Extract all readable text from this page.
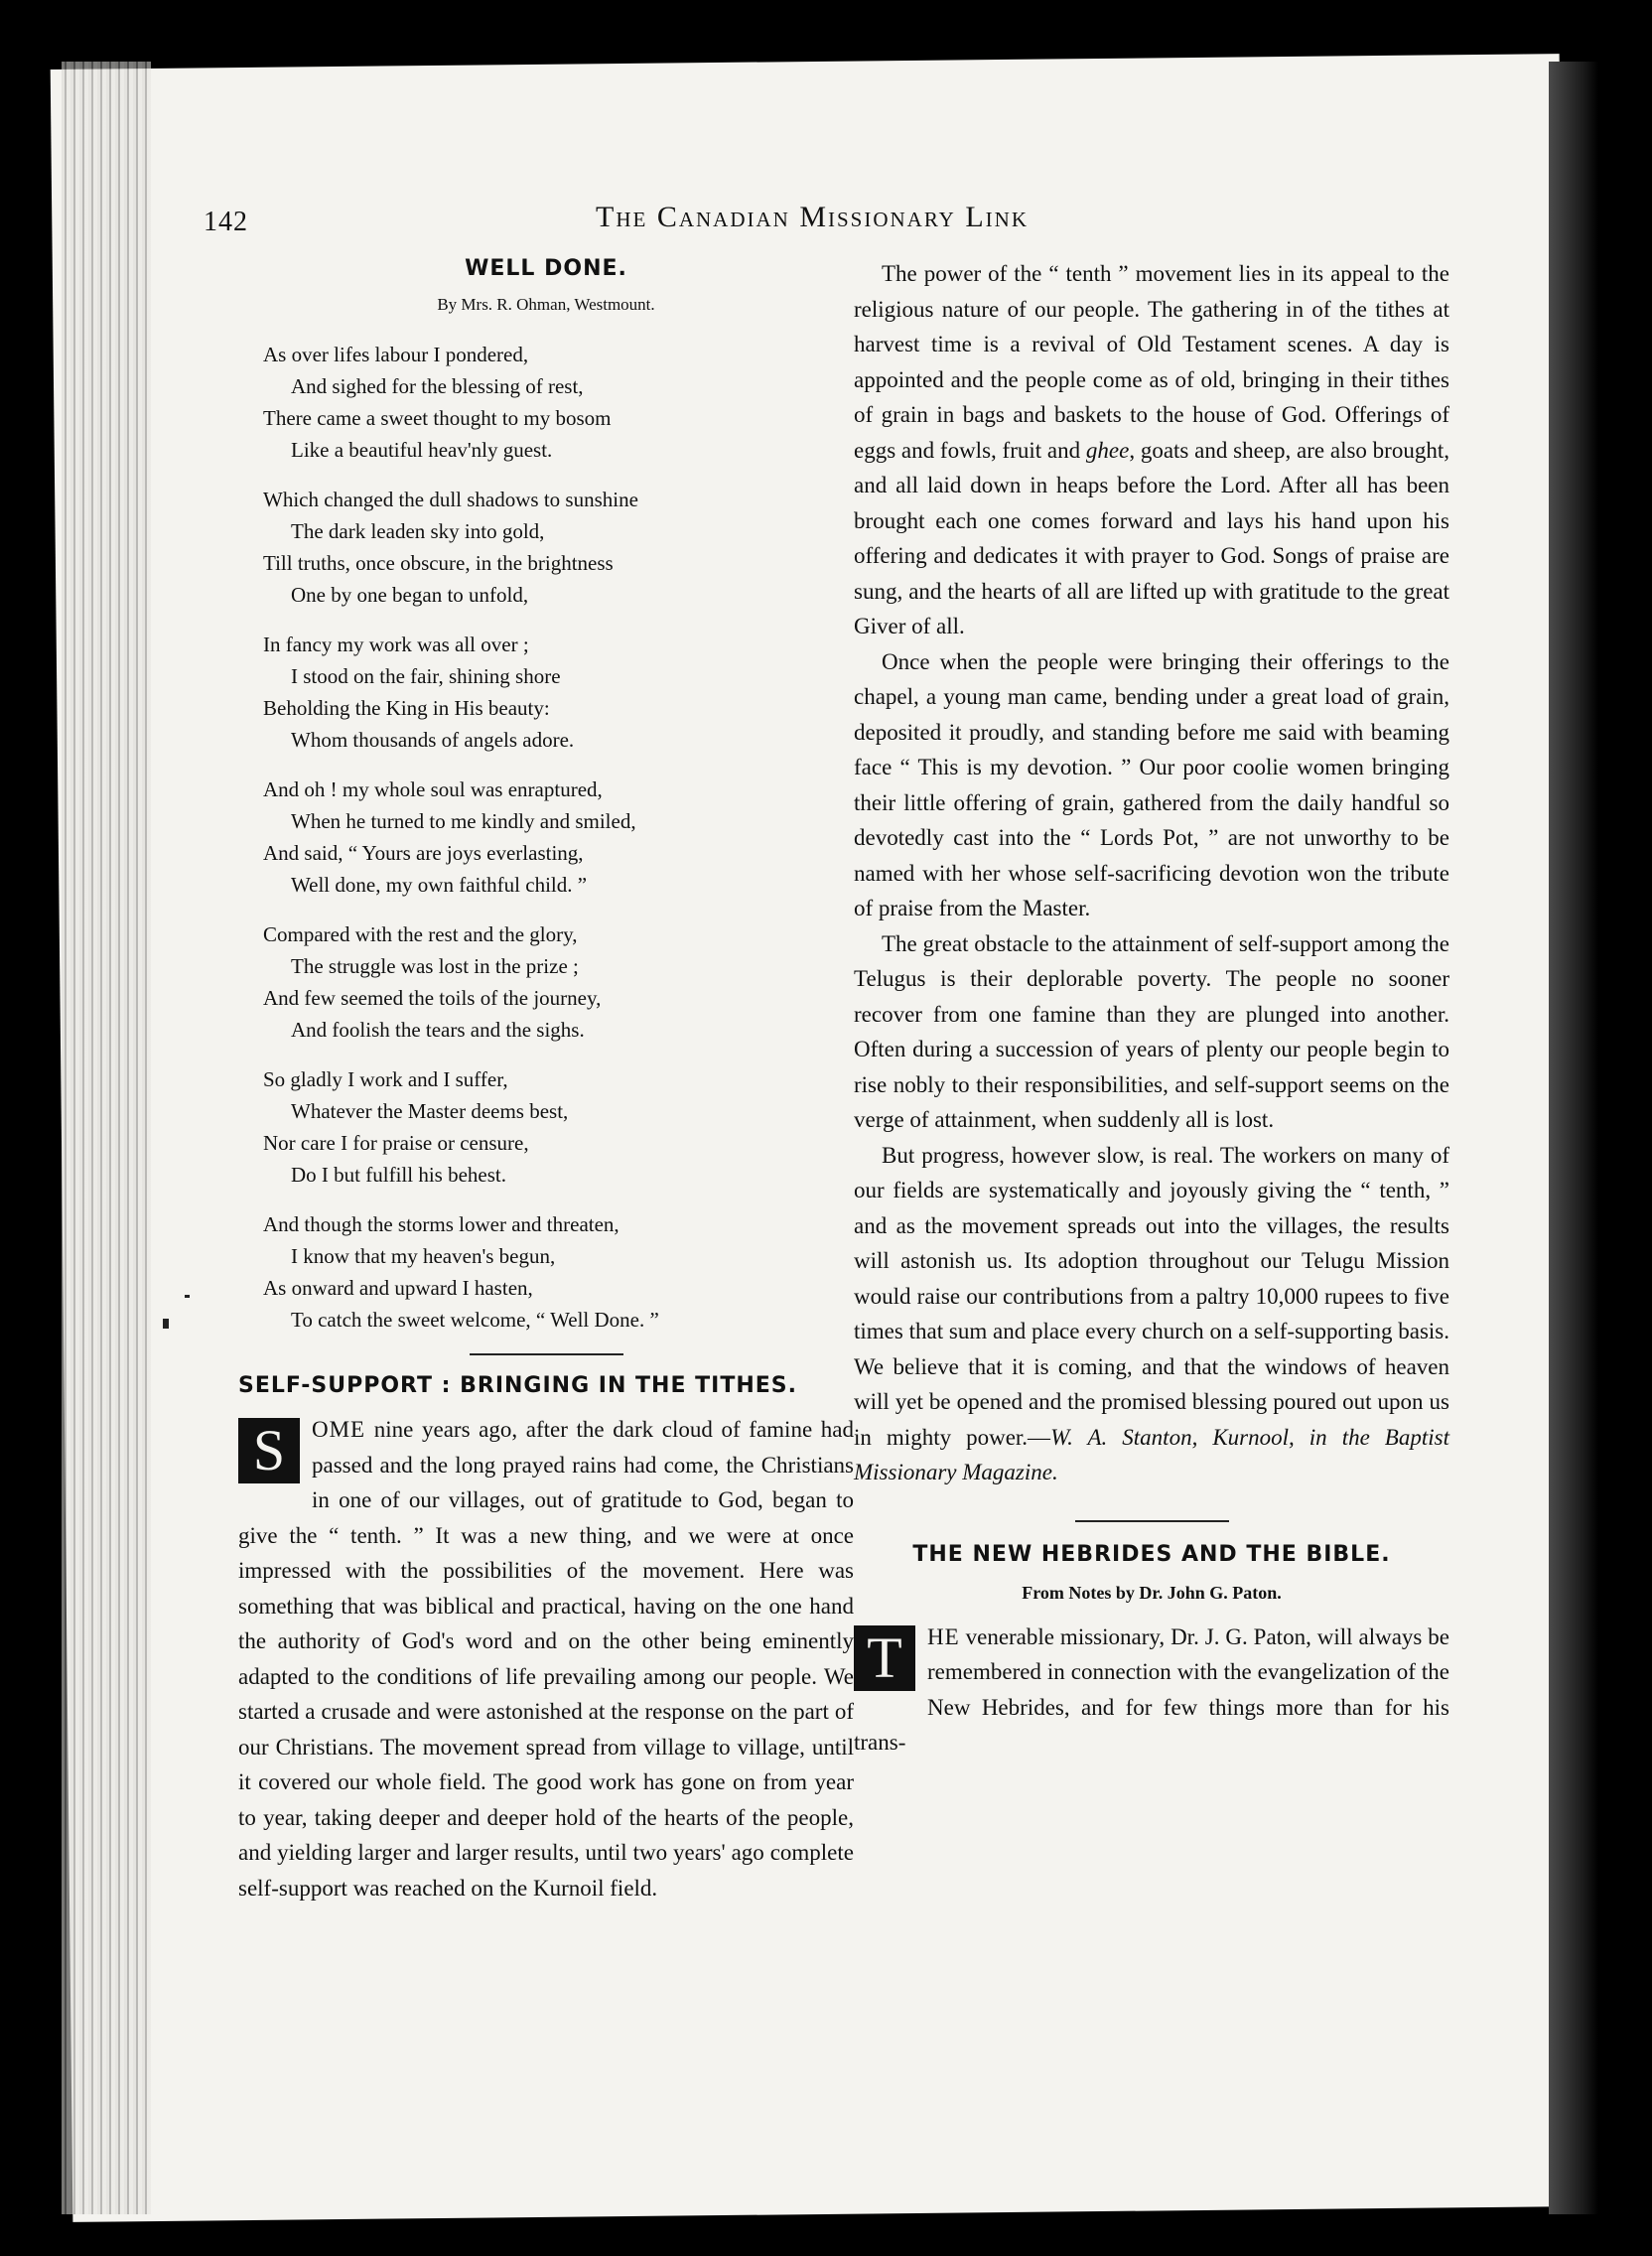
142	The Canadian Missionary Link
WELL DONE.
By Mrs. R. Ohman, Westmount.
As over lifes labour I pondered,
And sighed for the blessing of rest,
There came a sweet thought to my bosom
Like a beautiful heav'nly guest.
Which changed the dull shadows to sunshine
The dark leaden sky into gold,
Till truths, once obscure, in the brightness
One by one began to unfold,
In fancy my work was all over ;
I stood on the fair, shining shore
Beholding the King in His beauty:
Whom thousands of angels adore.
And oh ! my whole soul was enraptured,
When he turned to me kindly and smiled,
And said, “ Yours are joys everlasting,
Well done, my own faithful child. ”
Compared with the rest and the glory,
The struggle was lost in the prize ;
And few seemed the toils of the journey,
And foolish the tears and the sighs.
So gladly I work and I suffer,
Whatever the Master deems best,
Nor care I for praise or censure,
Do I but fulfill his behest.
And though the storms lower and threaten,
I know that my heaven's begun,
As onward and upward I hasten,
To catch the sweet welcome, “ Well Done. ”
SELF-SUPPORT : BRINGING IN THE TITHES.

S	OME nine years ago, after the dark cloud of famine had passed and the long prayed rains had come, the Christians in one of our villages, out of gratitude to God, began to give the “ tenth. ” It was a new thing, and we were at once impressed with the possibilities of the movement. Here was something that was biblical and practical, having on the one hand the authority of God's word and on the other being eminently adapted to the conditions of life prevailing among our people. We started a crusade and were astonished at the response on the part of our Christians. The movement spread from village to village, until it covered our whole field. The good work has gone on from year to year, taking deeper and deeper hold of the hearts of the people, and yielding larger and larger results, until two years' ago complete self-support was reached on the Kurnoil field.

The power of the “ tenth ” movement lies in its appeal to the religious nature of our people. The gathering in of the tithes at harvest time is a revival of Old Testament scenes. A day is appointed and the people come as of old, bringing in their tithes of grain in bags and baskets to the house of God. Offerings of eggs and fowls, fruit and ghee, goats and sheep, are also brought, and all laid down in heaps before the Lord. After all has been brought each one comes forward and lays his hand upon his offering and dedicates it with prayer to God. Songs of praise are sung, and the hearts of all are lifted up with gratitude to the great Giver of all.

Once when the people were bringing their offerings to the chapel, a young man came, bending under a great load of grain, deposited it proudly, and standing before me said with beaming face “ This is my devotion. ” Our poor coolie women bringing their little offering of grain, gathered from the daily handful so devotedly cast into the “ Lords Pot, ” are not unworthy to be named with her whose self-sacrificing devotion won the tribute of praise from the Master.

The great obstacle to the attainment of self-support among the Telugus is their deplorable poverty. The people no sooner recover from one famine than they are plunged into another. Often during a succession of years of plenty our people begin to rise nobly to their responsibilities, and self-support seems on the verge of attainment, when suddenly all is lost.

But progress, however slow, is real. The workers on many of our fields are systematically and joyously giving the “ tenth, ” and as the movement spreads out into the villages, the results will astonish us. Its adoption throughout our Telugu Mission would raise our contributions from a paltry 10,000 rupees to five times that sum and place every church on a self-supporting basis. We believe that it is coming, and that the windows of heaven will yet be opened and the promised blessing poured out upon us in mighty power.—W. A. Stanton, Kurnool, in the Baptist Missionary Magazine.

THE NEW HEBRIDES AND THE BIBLE.
From Notes by Dr. John G. Paton.

T	HE venerable missionary, Dr. J. G. Paton, will always be remembered in connection with the evangelization of the New Hebrides, and for few things more than for his trans-
